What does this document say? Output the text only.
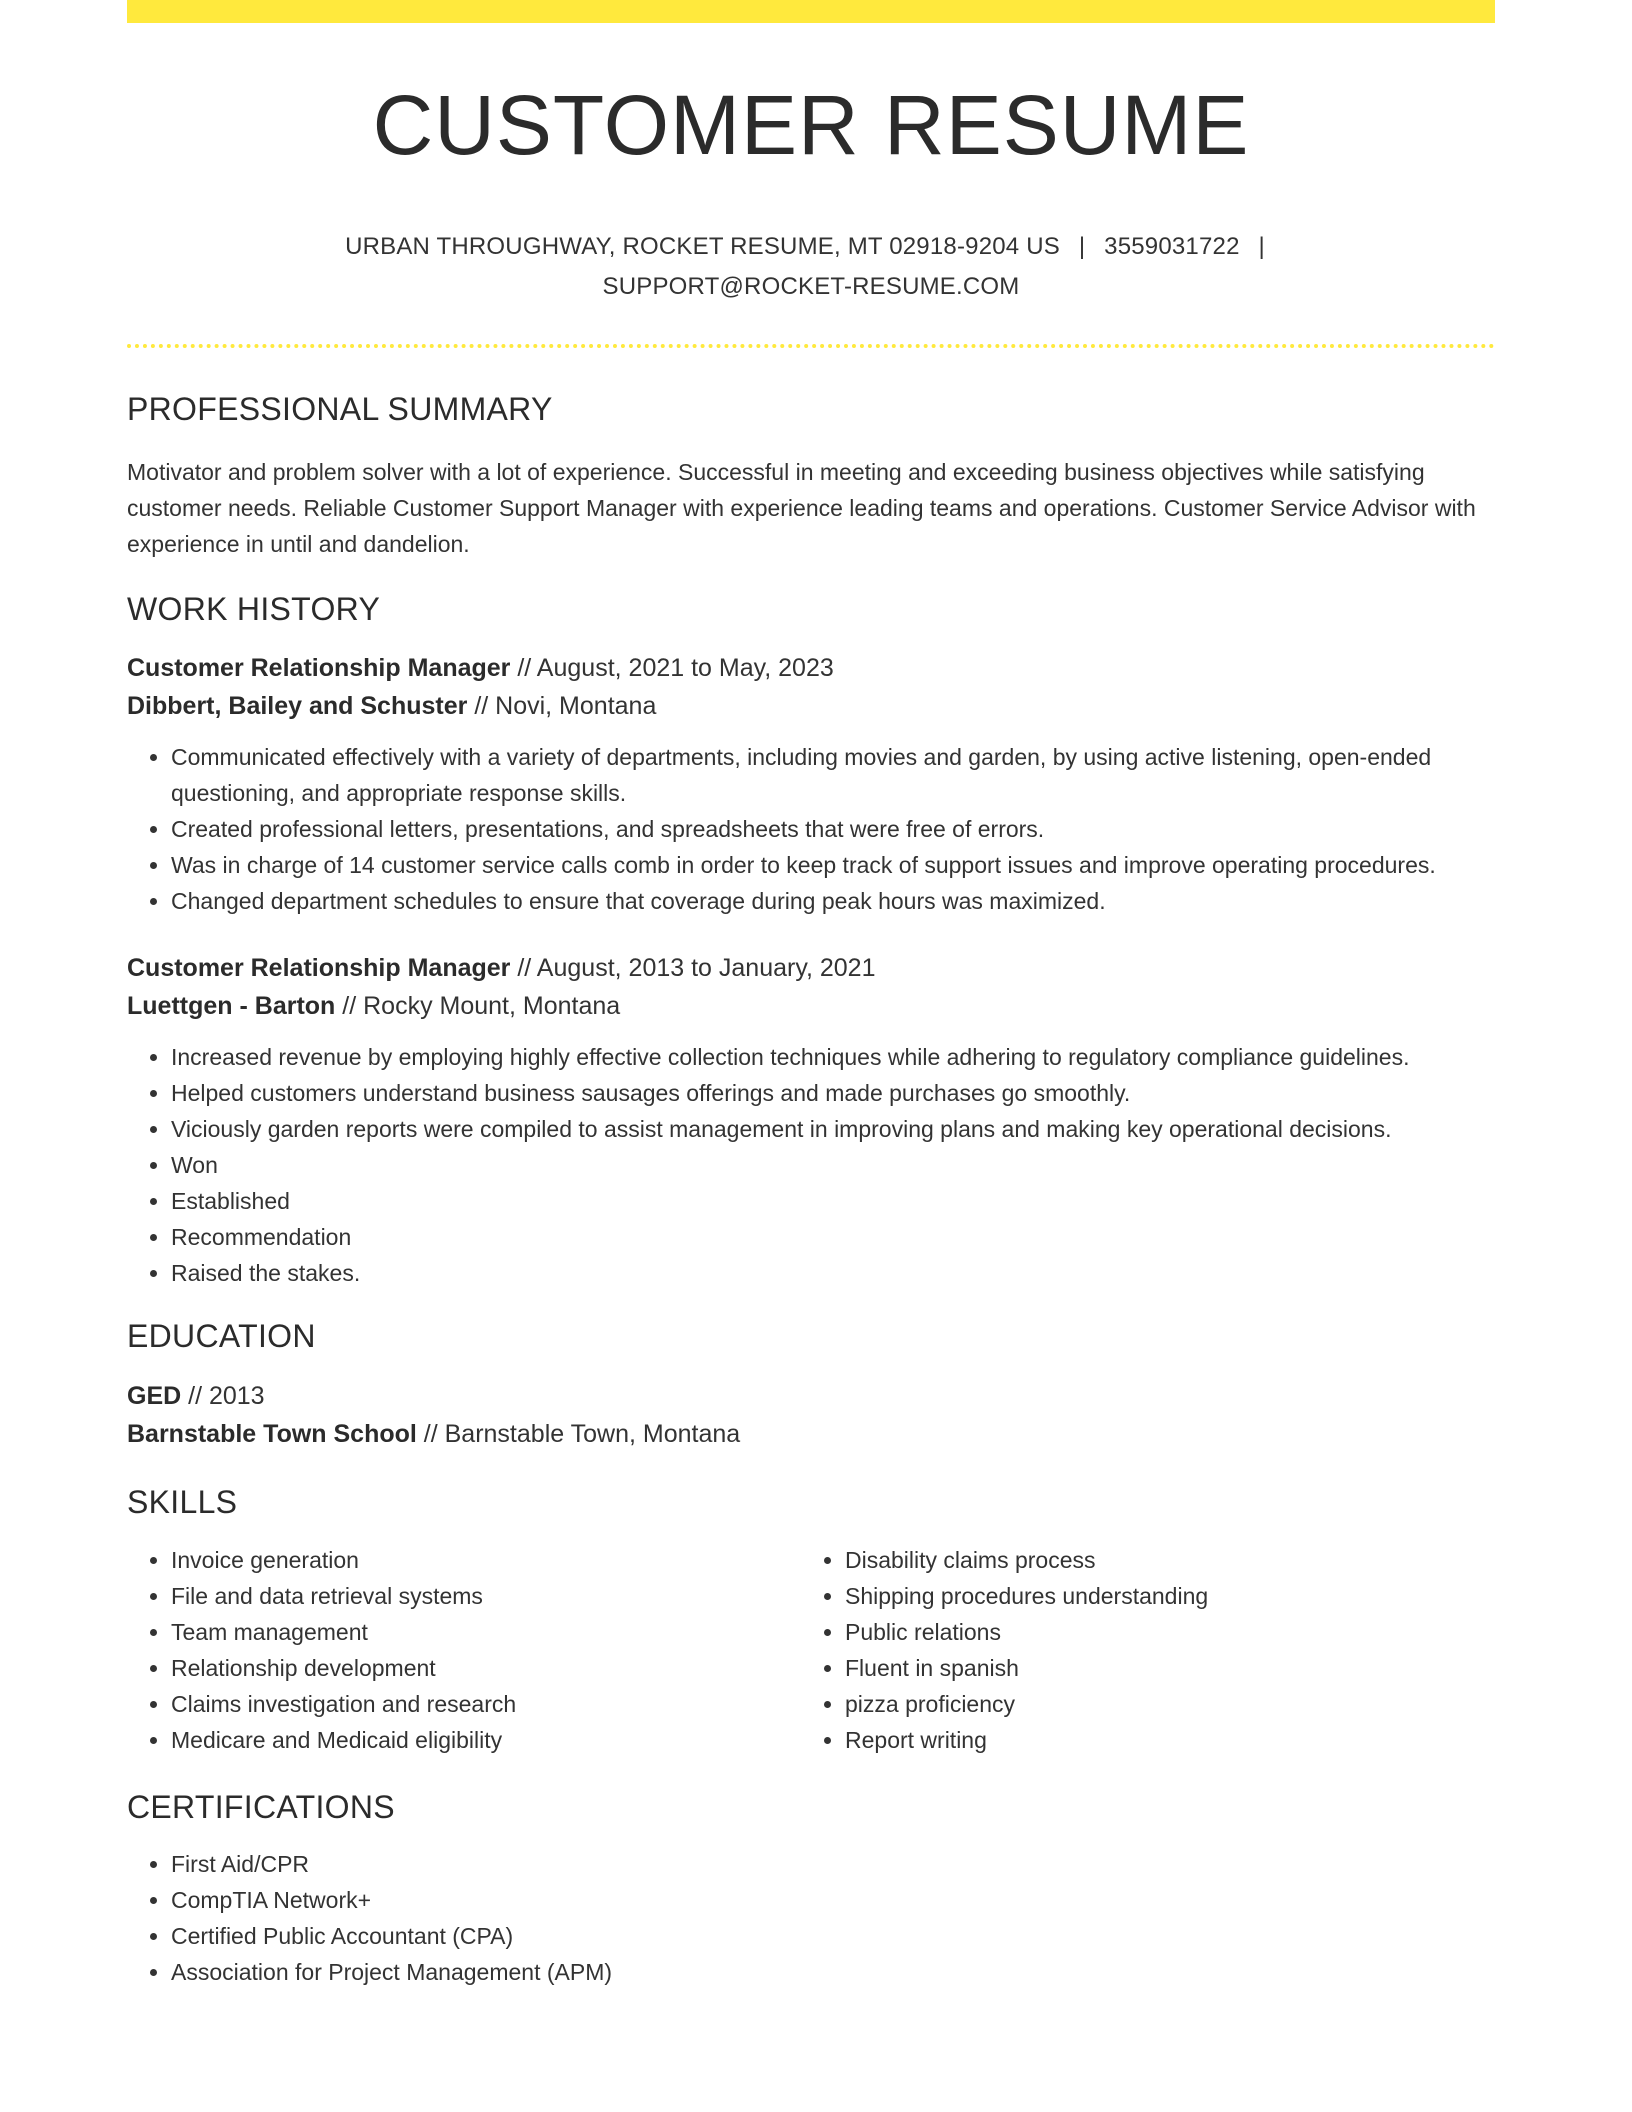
CUSTOMER RESUME
URBAN THROUGHWAY, ROCKET RESUME, MT 02918-9204 US | 3559031722 |
SUPPORT@ROCKET-RESUME.COM
PROFESSIONAL SUMMARY

Motivator and problem solver with a lot of experience. Successful in meeting and exceeding business objectives while satisfying customer needs. Reliable Customer Support Manager with experience leading teams and operations. Customer Service Advisor with experience in until and dandelion.

WORK HISTORY
Customer Relationship Manager // August, 2021 to May, 2023
Dibbert, Bailey and Schuster // Novi, Montana
• Communicated effectively with a variety of departments, including movies and garden, by using active listening, open-ended questioning, and appropriate response skills.
• Created professional letters, presentations, and spreadsheets that were free of errors.
• Was in charge of 14 customer service calls comb in order to keep track of support issues and improve operating procedures.
• Changed department schedules to ensure that coverage during peak hours was maximized.
Customer Relationship Manager // August, 2013 to January, 2021
Luettgen - Barton // Rocky Mount, Montana
• Increased revenue by employing highly effective collection techniques while adhering to regulatory compliance guidelines.
• Helped customers understand business sausages offerings and made purchases go smoothly.
• Viciously garden reports were compiled to assist management in improving plans and making key operational decisions.
• Won
• Established
• Recommendation
• Raised the stakes.
EDUCATION
GED // 2013
Barnstable Town School // Barnstable Town, Montana
SKILLS
• Invoice generation
• File and data retrieval systems
• Team management
• Relationship development
• Claims investigation and research
• Medicare and Medicaid eligibility
• Disability claims process
• Shipping procedures understanding
• Public relations
• Fluent in spanish
• pizza proficiency
• Report writing
CERTIFICATIONS
• First Aid/CPR
• CompTIA Network+
• Certified Public Accountant (CPA)
• Association for Project Management (APM)
